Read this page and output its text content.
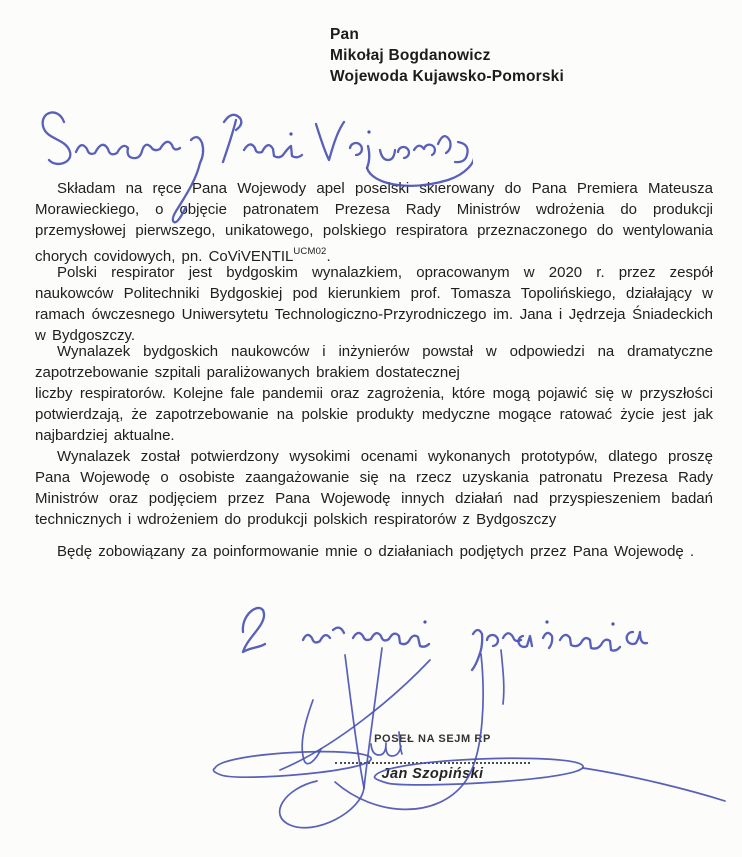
Pan
Mikołaj Bogdanowicz
Wojewoda Kujawsko-Pomorski

Składam na ręce Pana Wojewody apel poselski skierowany do Pana Premiera Mateusza Morawieckiego, o objęcie patronatem Prezesa Rady Ministrów wdrożenia do produkcji przemysłowej pierwszego, unikatowego, polskiego respiratora przeznaczonego do wentylowania chorych covidowych, pn. CoViVENTIL$^{UCM02}$.

Polski respirator jest bydgoskim wynalazkiem, opracowanym w 2020 r. przez zespół naukowców Politechniki Bydgoskiej pod kierunkiem prof. Tomasza Topolińskiego, działający w ramach ówczesnego Uniwersytetu Technologiczno-Przyrodniczego im. Jana i Jędrzeja Śniadeckich w Bydgoszczy.

Wynalazek bydgoskich naukowców i inżynierów powstał w odpowiedzi na dramatyczne zapotrzebowanie szpitali paraliżowanych brakiem dostatecznej

liczby respiratorów. Kolejne fale pandemii oraz zagrożenia, które mogą pojawić się w przyszłości potwierdzają, że zapotrzebowanie na polskie produkty medyczne mogące ratować życie jest jak najbardziej aktualne.

Wynalazek został potwierdzony wysokimi ocenami wykonanych prototypów, dlatego proszę Pana Wojewodę o osobiste zaangażowanie się na rzecz uzyskania patronatu Prezesa Rady Ministrów oraz podjęciem przez Pana Wojewodę innych działań nad przyspieszeniem badań technicznych i wdrożeniem do produkcji polskich respiratorów z Bydgoszczy

Będę zobowiązany za poinformowanie mnie o działaniach podjętych przez Pana Wojewodę .

POSEŁ NA SEJM RP
Jan Szopiński
